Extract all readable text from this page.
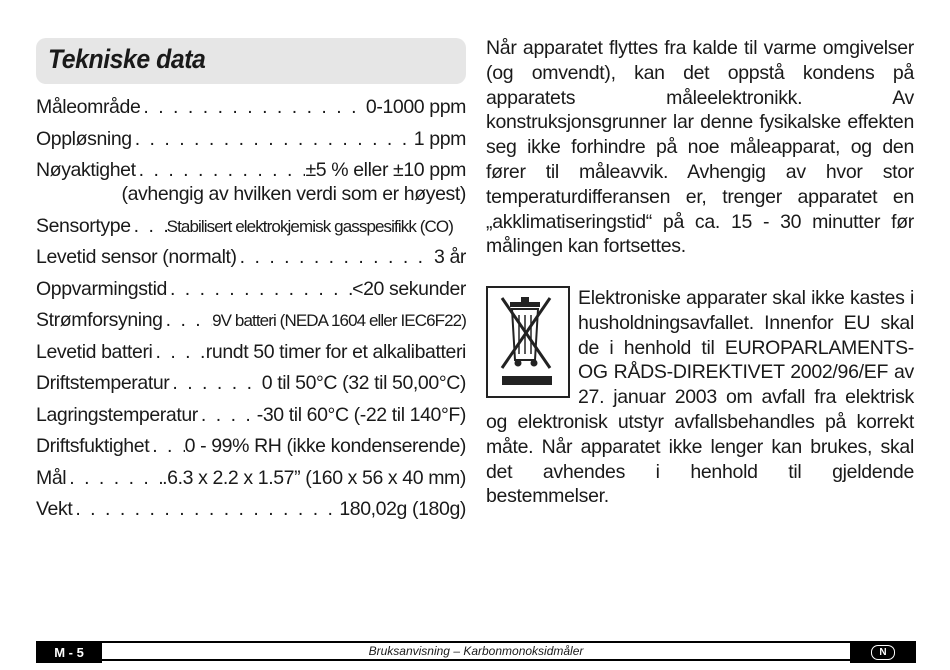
Tekniske data
Måleområde . . .	0-1000 ppm
Oppløsning . . .	1 ppm
Nøyaktighet . . .	±5 % eller ±10 ppm
(avhengig av hvilken verdi som er høyest)
Sensortype . . . Stabilisert elektrokjemisk gasspesifikk (CO)
Levetid sensor (normalt) . . .	3 år
Oppvarmingstid . . .	<20 sekunder
Strømforsyning . . .	9V batteri (NEDA 1604 eller IEC6F22)
Levetid batteri . . .	rundt 50 timer for et alkalibatteri
Driftstemperatur . . .	0 til 50°C (32 til 50,00°C)
Lagringstemperatur . . .	-30 til 60°C (-22 til 140°F)
Driftsfuktighet . . . 0 - 99% RH (ikke kondenserende)
Mål . . .	.6.3 x 2.2 x 1.57” (160 x 56 x 40 mm)
Vekt . . .	180,02g (180g)

Når apparatet flyttes fra kalde til varme omgivelser (og omvendt), kan det oppstå kondens på apparatets måleelektronikk. Av konstruksjonsgrunner lar denne fysikalske effekten seg ikke forhindre på noe måleapparat, og den fører til måleavvik. Avhengig av hvor stor temperaturdifferansen er, trenger apparatet en „akklimatiseringstid“ på ca. 15 - 30 minutter før målingen kan fortsettes.

Elektroniske apparater skal ikke kastes i husholdningsavfallet. Innenfor EU skal de i henhold til EUROPARLAMENTS- OG RÅDS-DIREKTIVET 2002/96/EF av 27. januar 2003 om avfall fra elektrisk og elektronisk utstyr avfallsbehandles på korrekt måte. Når apparatet ikke lenger kan brukes, skal det avhendes i henhold til gjeldende bestemmelser.
M - 5	Bruksanvisning – Karbonmonoksidmåler	N
